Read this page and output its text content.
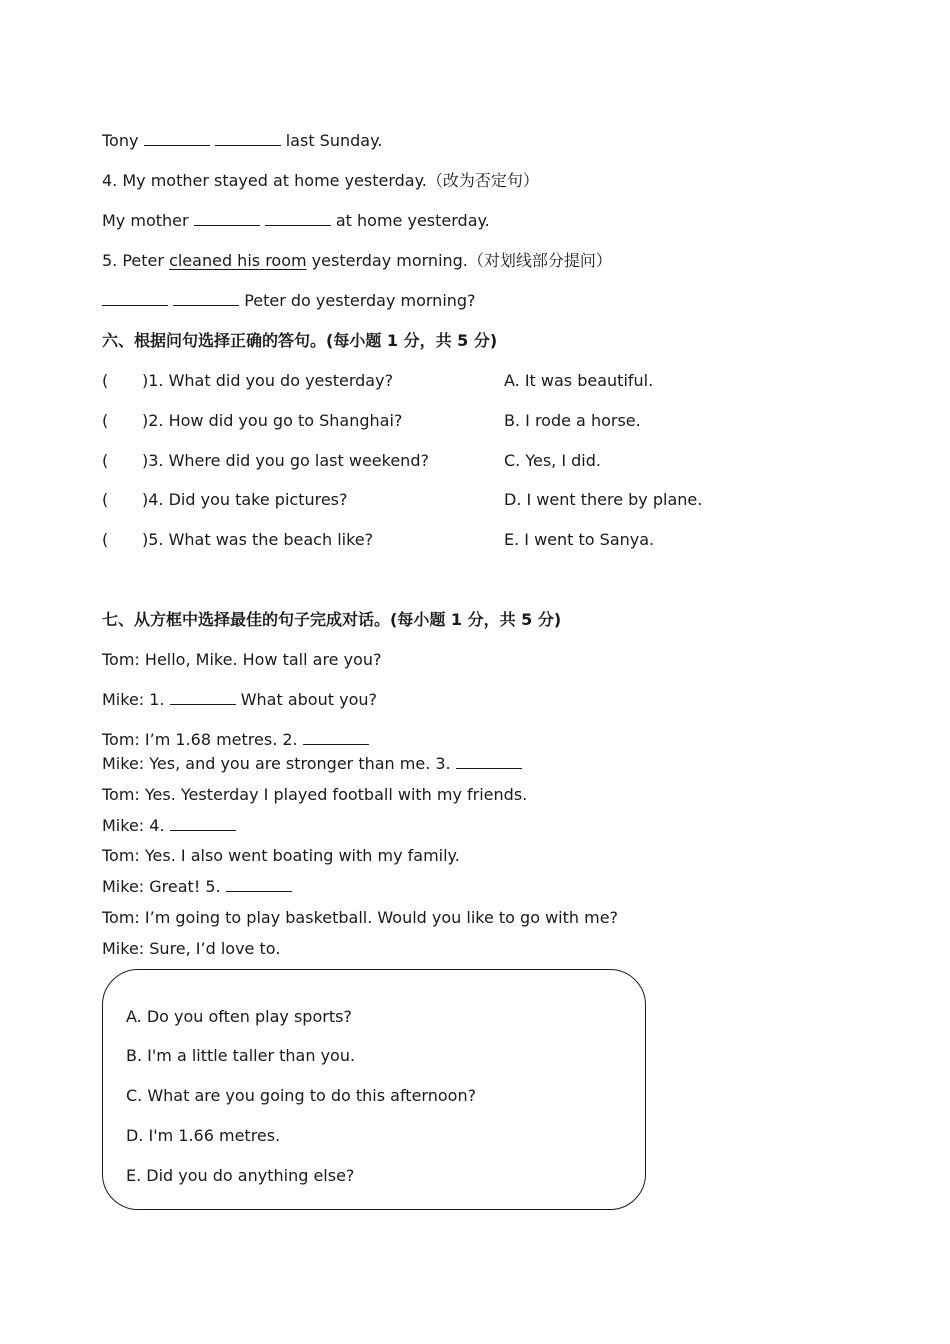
Tony	last Sunday.
4. My mother stayed at home yesterday.（改为否定句）
My mother	at home yesterday.
5. Peter cleaned his room yesterday morning.（对划线部分提问）
Peter do yesterday morning?
六、根据问句选择正确的答句。(每小题 1 分，共 5 分)
( )1. What did you do yesterday?	A. It was beautiful.
( )2. How did you go to Shanghai?	B. I rode a horse.
( )3. Where did you go last weekend?	C. Yes, I did.
( )4. Did you take pictures?	D. I went there by plane.
( )5. What was the beach like?	E. I went to Sanya.
七、从方框中选择最佳的句子完成对话。(每小题 1 分，共 5 分)
Tom: Hello, Mike. How tall are you?
Mike: 1.	What about you?
Tom: I’m 1.68 metres. 2.
Mike: Yes, and you are stronger than me. 3.
Tom: Yes. Yesterday I played football with my friends.
Mike: 4.
Tom: Yes. I also went boating with my family.
Mike: Great! 5.
Tom: I’m going to play basketball. Would you like to go with me?
Mike: Sure, I’d love to.
A. Do you often play sports?
B. I'm a little taller than you.
C. What are you going to do this afternoon?
D. I'm 1.66 metres.
E. Did you do anything else?
